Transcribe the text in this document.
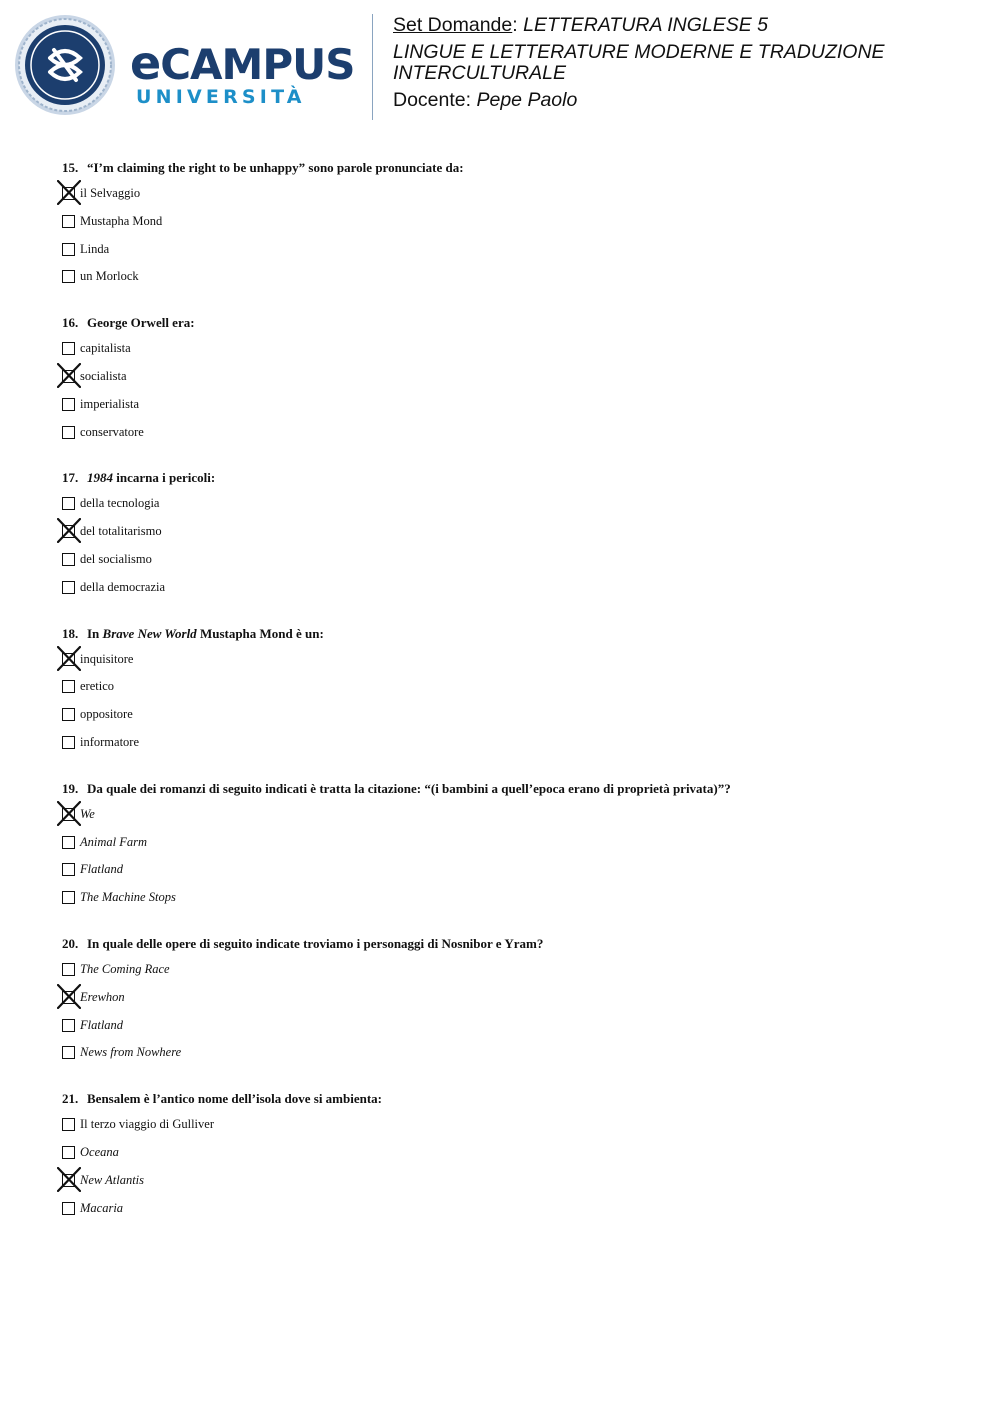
eCAMPUS
UNIVERSITÀ
Set Domande: LETTERATURA INGLESE 5
LINGUE E LETTERATURE MODERNE E TRADUZIONE INTERCULTURALE
Docente: Pepe Paolo
15. “I’m claiming the right to be unhappy” sono parole pronunciate da:
il Selvaggio
Mustapha Mond
Linda
un Morlock
16. George Orwell era:
capitalista
socialista
imperialista
conservatore
17. 1984 incarna i pericoli:
della tecnologia
del totalitarismo
del socialismo
della democrazia
18. In Brave New World Mustapha Mond è un:
inquisitore
eretico
oppositore
informatore
19. Da quale dei romanzi di seguito indicati è tratta la citazione: “(i bambini a quell’epoca erano di proprietà privata)”?
We
Animal Farm
Flatland
The Machine Stops
20. In quale delle opere di seguito indicate troviamo i personaggi di Nosnibor e Yram?
The Coming Race
Erewhon
Flatland
News from Nowhere
21. Bensalem è l’antico nome dell’isola dove si ambienta:
Il terzo viaggio di Gulliver
Oceana
New Atlantis
Macaria
